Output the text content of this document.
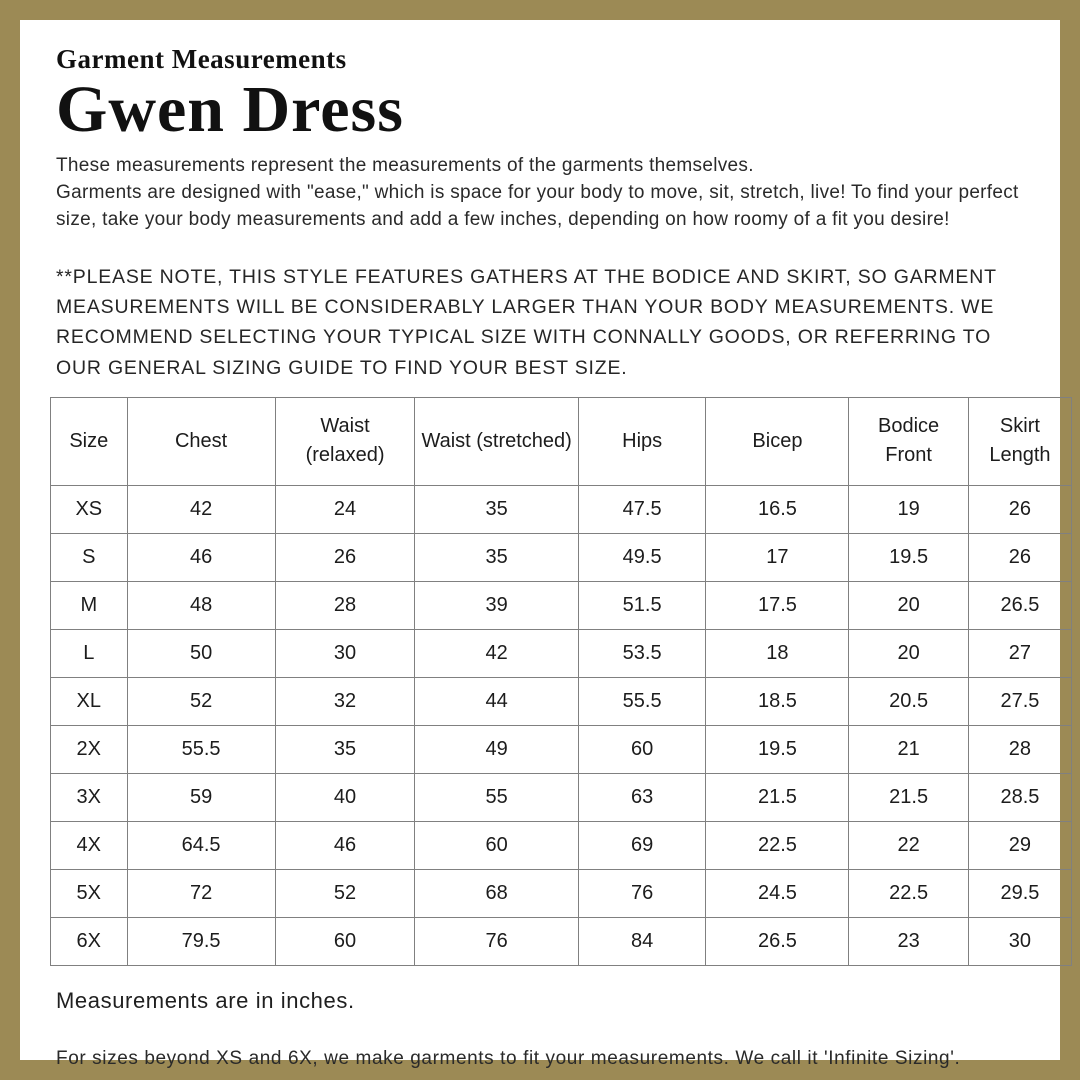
Garment Measurements
Gwen Dress

These measurements represent the measurements of the garments themselves.
Garments are designed with "ease," which is space for your body to move, sit, stretch, live! To find your perfect size, take your body measurements and add a few inches, depending on how roomy of a fit you desire!

**PLEASE NOTE, THIS STYLE FEATURES GATHERS AT THE BODICE AND SKIRT, SO GARMENT MEASUREMENTS WILL BE CONSIDERABLY LARGER THAN YOUR BODY MEASUREMENTS. WE RECOMMEND SELECTING YOUR TYPICAL SIZE WITH CONNALLY GOODS, OR REFERRING TO OUR GENERAL SIZING GUIDE TO FIND YOUR BEST SIZE.

Size	Chest	Waist (relaxed)	Waist (stretched)	Hips	Bicep	Bodice Front	Skirt Length
XS	42	24	35	47.5	16.5	19	26
S	46	26	35	49.5	17	19.5	26
M	48	28	39	51.5	17.5	20	26.5
L	50	30	42	53.5	18	20	27
XL	52	32	44	55.5	18.5	20.5	27.5
2X	55.5	35	49	60	19.5	21	28
3X	59	40	55	63	21.5	21.5	28.5
4X	64.5	46	60	69	22.5	22	29
5X	72	52	68	76	24.5	22.5	29.5
6X	79.5	60	76	84	26.5	23	30

Measurements are in inches.

For sizes beyond XS and 6X, we make garments to fit your measurements. We call it 'Infinite Sizing'.
